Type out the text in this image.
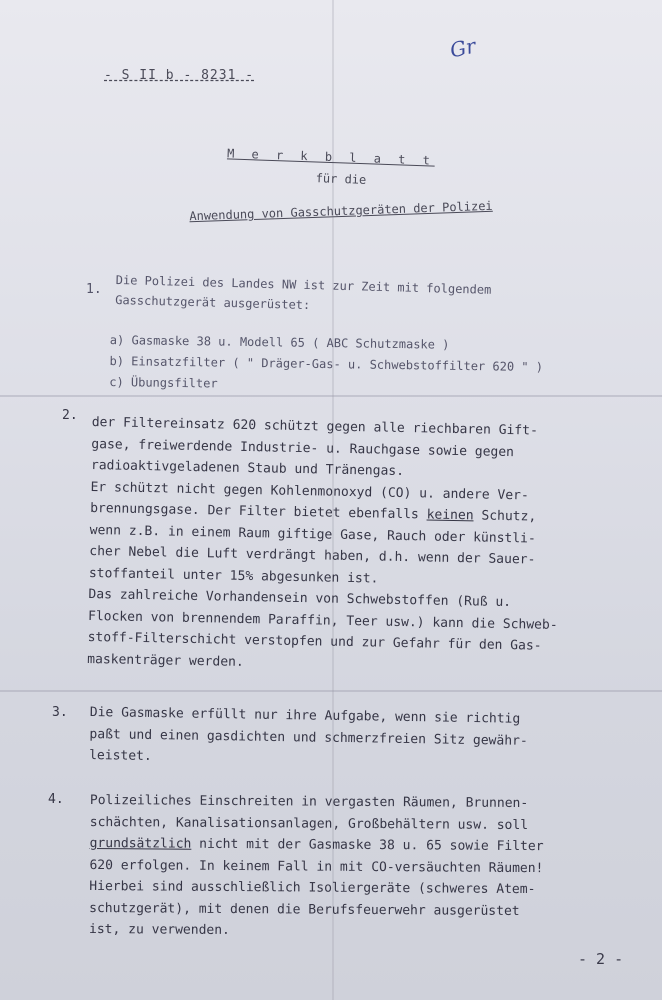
- S II b - 8231 -
Gr
M e r k b l a t t
für die
Anwendung von Gasschutzgeräten der Polizei
1. Die Polizei des Landes NW ist zur Zeit mit folgendem
Gasschutzgerät ausgerüstet:
a) Gasmaske 38 u. Modell 65 ( ABC Schutzmaske )
b) Einsatzfilter ( " Dräger-Gas- u. Schwebstoffilter 620 " )
c) Übungsfilter
2. der Filtereinsatz 620 schützt gegen alle riechbaren Gift-
gase, freiwerdende Industrie- u. Rauchgase sowie gegen
radioaktivgeladenen Staub und Tränengas.
Er schützt nicht gegen Kohlenmonoxyd (CO) u. andere Ver-
brennungsgase. Der Filter bietet ebenfalls keinen Schutz,
wenn z.B. in einem Raum giftige Gase, Rauch oder künstli-
cher Nebel die Luft verdrängt haben, d.h. wenn der Sauer-
stoffanteil unter 15% abgesunken ist.
Das zahlreiche Vorhandensein von Schwebstoffen (Ruß u.
Flocken von brennendem Paraffin, Teer usw.) kann die Schweb-
stoff-Filterschicht verstopfen und zur Gefahr für den Gas-
maskenträger werden.
3. Die Gasmaske erfüllt nur ihre Aufgabe, wenn sie richtig
paßt und einen gasdichten und schmerzfreien Sitz gewähr-
leistet.
4. Polizeiliches Einschreiten in vergasten Räumen, Brunnen-
schächten, Kanalisationsanlagen, Großbehältern usw. soll
grundsätzlich nicht mit der Gasmaske 38 u. 65 sowie Filter
620 erfolgen. In keinem Fall in mit CO-versäuchten Räumen!
Hierbei sind ausschließlich Isoliergeräte (schweres Atem-
schutzgerät), mit denen die Berufsfeuerwehr ausgerüstet
ist, zu verwenden.
- 2 -
